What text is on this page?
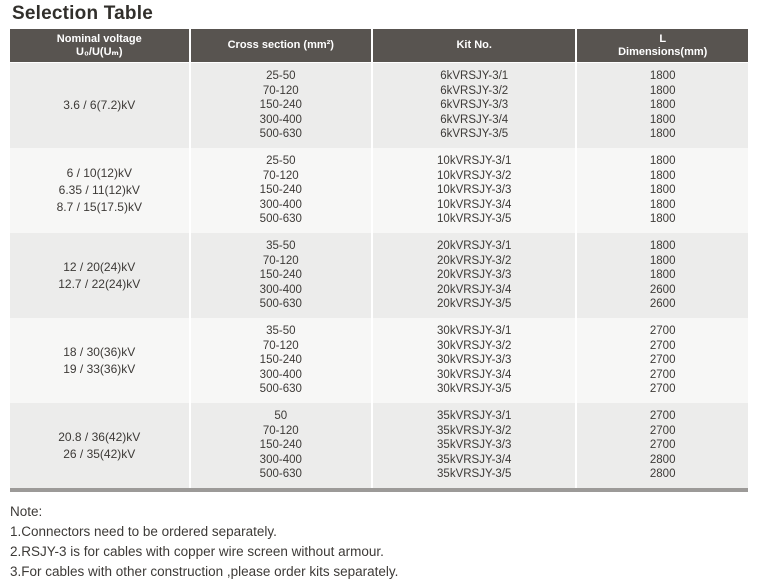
Selection Table
Nominal voltage
U₀/U(Uₘ)
Cross section (mm²)	Kit No.
L
Dimensions(mm)
3.6 / 6(7.2)kV
25-50
70-120
150-240
300-400
500-630
6kVRSJY-3/1
6kVRSJY-3/2
6kVRSJY-3/3
6kVRSJY-3/4
6kVRSJY-3/5
1800
1800
1800
1800
1800
6 / 10(12)kV
6.35 / 11(12)kV
8.7 / 15(17.5)kV
25-50
70-120
150-240
300-400
500-630
10kVRSJY-3/1
10kVRSJY-3/2
10kVRSJY-3/3
10kVRSJY-3/4
10kVRSJY-3/5
1800
1800
1800
1800
1800
12 / 20(24)kV
12.7 / 22(24)kV
35-50
70-120
150-240
300-400
500-630
20kVRSJY-3/1
20kVRSJY-3/2
20kVRSJY-3/3
20kVRSJY-3/4
20kVRSJY-3/5
1800
1800
1800
2600
2600
18 / 30(36)kV
19 / 33(36)kV
35-50
70-120
150-240
300-400
500-630
30kVRSJY-3/1
30kVRSJY-3/2
30kVRSJY-3/3
30kVRSJY-3/4
30kVRSJY-3/5
2700
2700
2700
2700
2700
20.8 / 36(42)kV
26 / 35(42)kV
50
70-120
150-240
300-400
500-630
35kVRSJY-3/1
35kVRSJY-3/2
35kVRSJY-3/3
35kVRSJY-3/4
35kVRSJY-3/5
2700
2700
2700
2800
2800
Note:
1.Connectors need to be ordered separately.
2.RSJY-3 is for cables with copper wire screen without armour.
3.For cables with other construction ,please order kits separately.
